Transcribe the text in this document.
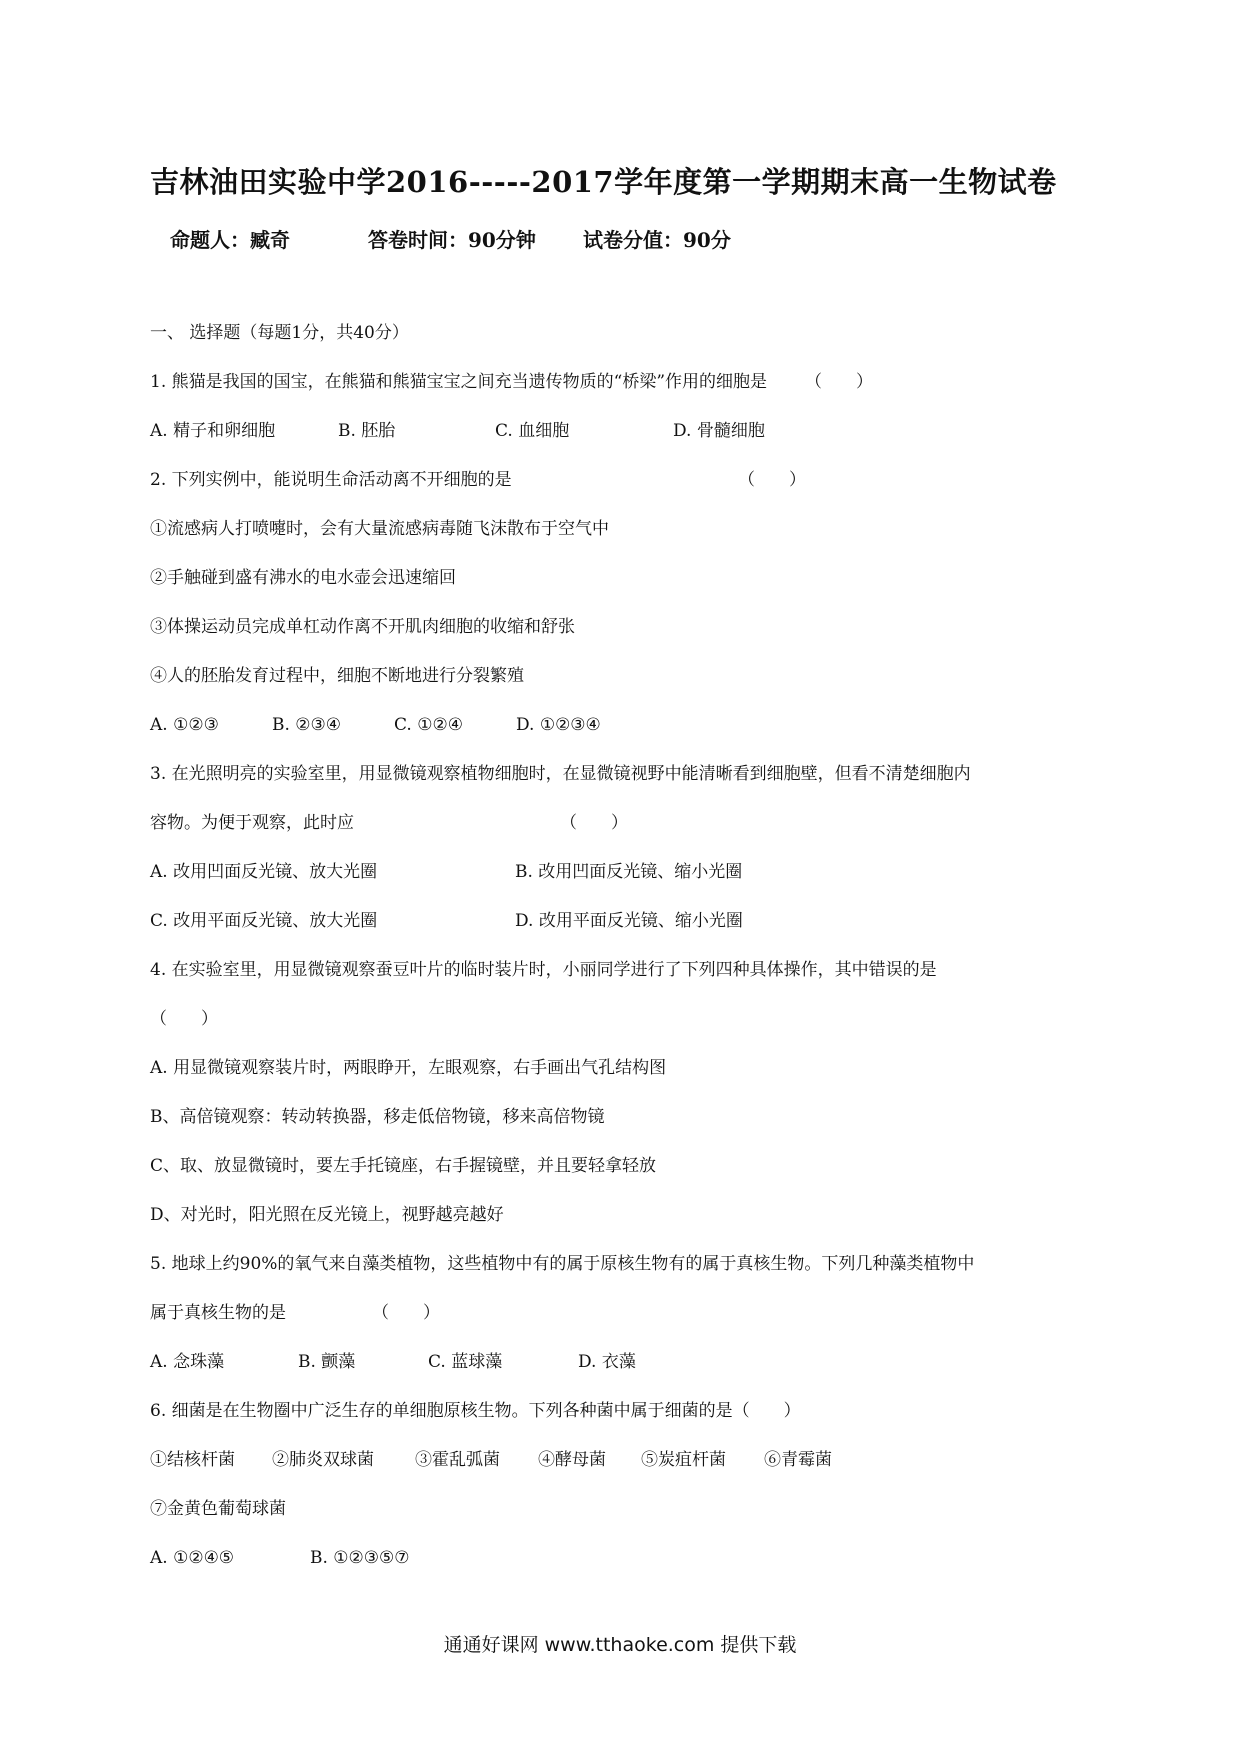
吉林油田实验中学2016-----2017学年度第一学期期末高一生物试卷
命题人：臧奇	答卷时间：90分钟 试卷分值：90分
一、 选择题（每题1分，共40分）
1. 熊猫是我国的国宝，在熊猫和熊猫宝宝之间充当遗传物质的“桥梁”作用的细胞是 （　　）
A. 精子和卵细胞	B. 胚胎	C. 血细胞	D. 骨髓细胞
2. 下列实例中，能说明生命活动离不开细胞的是	（　　）
①流感病人打喷嚏时，会有大量流感病毒随飞沫散布于空气中
②手触碰到盛有沸水的电水壶会迅速缩回
③体操运动员完成单杠动作离不开肌肉细胞的收缩和舒张
④人的胚胎发育过程中，细胞不断地进行分裂繁殖
A. ①②③	B. ②③④	C. ①②④	D. ①②③④
3. 在光照明亮的实验室里，用显微镜观察植物细胞时，在显微镜视野中能清晰看到细胞壁，但看不清楚细胞内
容物。为便于观察，此时应	（　　）
A. 改用凹面反光镜、放大光圈	B. 改用凹面反光镜、缩小光圈
C. 改用平面反光镜、放大光圈	D. 改用平面反光镜、缩小光圈
4. 在实验室里，用显微镜观察蚕豆叶片的临时装片时，小丽同学进行了下列四种具体操作，其中错误的是
（　　）
A. 用显微镜观察装片时，两眼睁开，左眼观察，右手画出气孔结构图
B、高倍镜观察：转动转换器，移走低倍物镜，移来高倍物镜
C、取、放显微镜时，要左手托镜座，右手握镜壁，并且要轻拿轻放
D、对光时，阳光照在反光镜上，视野越亮越好
5. 地球上约90%的氧气来自藻类植物，这些植物中有的属于原核生物有的属于真核生物。下列几种藻类植物中
属于真核生物的是	（　　）
A. 念珠藻	B. 颤藻	C. 蓝球藻	D. 衣藻
6. 细菌是在生物圈中广泛生存的单细胞原核生物。下列各种菌中属于细菌的是（　　）
①结核杆菌 ②肺炎双球菌 ③霍乱弧菌 ④酵母菌 ⑤炭疽杆菌 ⑥青霉菌
⑦金黄色葡萄球菌
A. ①②④⑤	B. ①②③⑤⑦
通通好课网 www.tthaoke.com 提供下载
